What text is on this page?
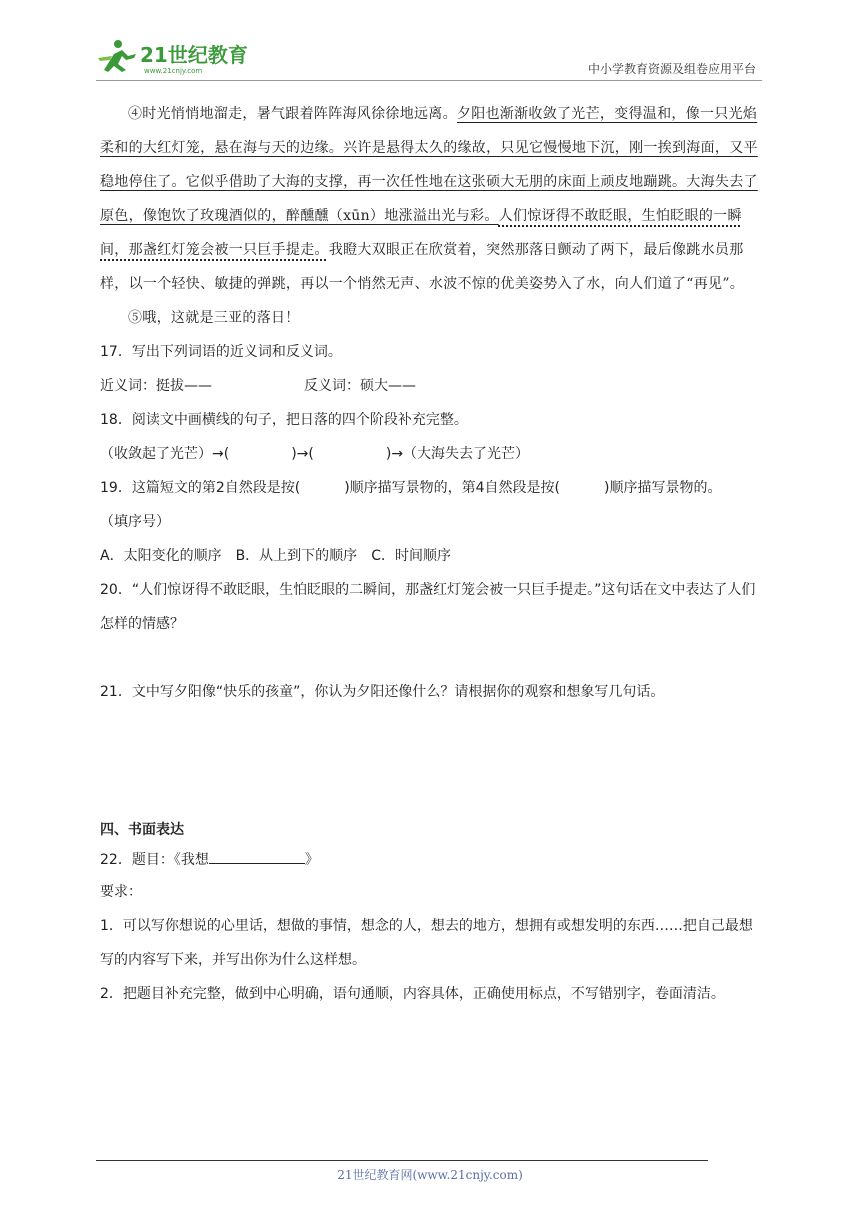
21世纪教育
www.21cnjy.com	中小学教育资源及组卷应用平台

④时光悄悄地溜走，暑气跟着阵阵海风徐徐地远离。夕阳也渐渐收敛了光芒，变得温和，像一只光焰柔和的大红灯笼，悬在海与天的边缘。兴许是悬得太久的缘故，只见它慢慢地下沉，刚一挨到海面，又平稳地停住了。它似乎借助了大海的支撑，再一次任性地在这张硕大无朋的床面上顽皮地蹦跳。大海失去了原色，像饱饮了玫瑰酒似的，醉醺醺（xūn）地涨溢出光与彩。人们惊讶得不敢眨眼，生怕眨眼的一瞬间，那盏红灯笼会被一只巨手提走。我瞪大双眼正在欣赏着，突然那落日颤动了两下，最后像跳水员那样，以一个轻快、敏捷的弹跳，再以一个悄然无声、水波不惊的优美姿势入了水，向人们道了“再见”。

⑤哦，这就是三亚的落日！

17．写出下列词语的近义词和反义词。

近义词：挺拔——	反义词：硕大——

18．阅读文中画横线的句子，把日落的四个阶段补充完整。

（收敛起了光芒）→(	)→(	)→（大海失去了光芒）

19．这篇短文的第2自然段是按(	)顺序描写景物的，第4自然段是按(	)顺序描写景物的。
（填序号）

A．太阳变化的顺序 B．从上到下的顺序 C．时间顺序

20．“人们惊讶得不敢眨眼，生怕眨眼的二瞬间，那盏红灯笼会被一只巨手提走。”这句话在文中表达了人们怎样的情感？

21．文中写夕阳像“快乐的孩童”，你认为夕阳还像什么？请根据你的观察和想象写几句话。

四、书面表达

22．题目：《我想	》

要求：

1．可以写你想说的心里话，想做的事情，想念的人，想去的地方，想拥有或想发明的东西……把自己最想写的内容写下来，并写出你为什么这样想。

2．把题目补充完整，做到中心明确，语句通顺，内容具体，正确使用标点，不写错别字，卷面清洁。

21世纪教育网(www.21cnjy.com)
